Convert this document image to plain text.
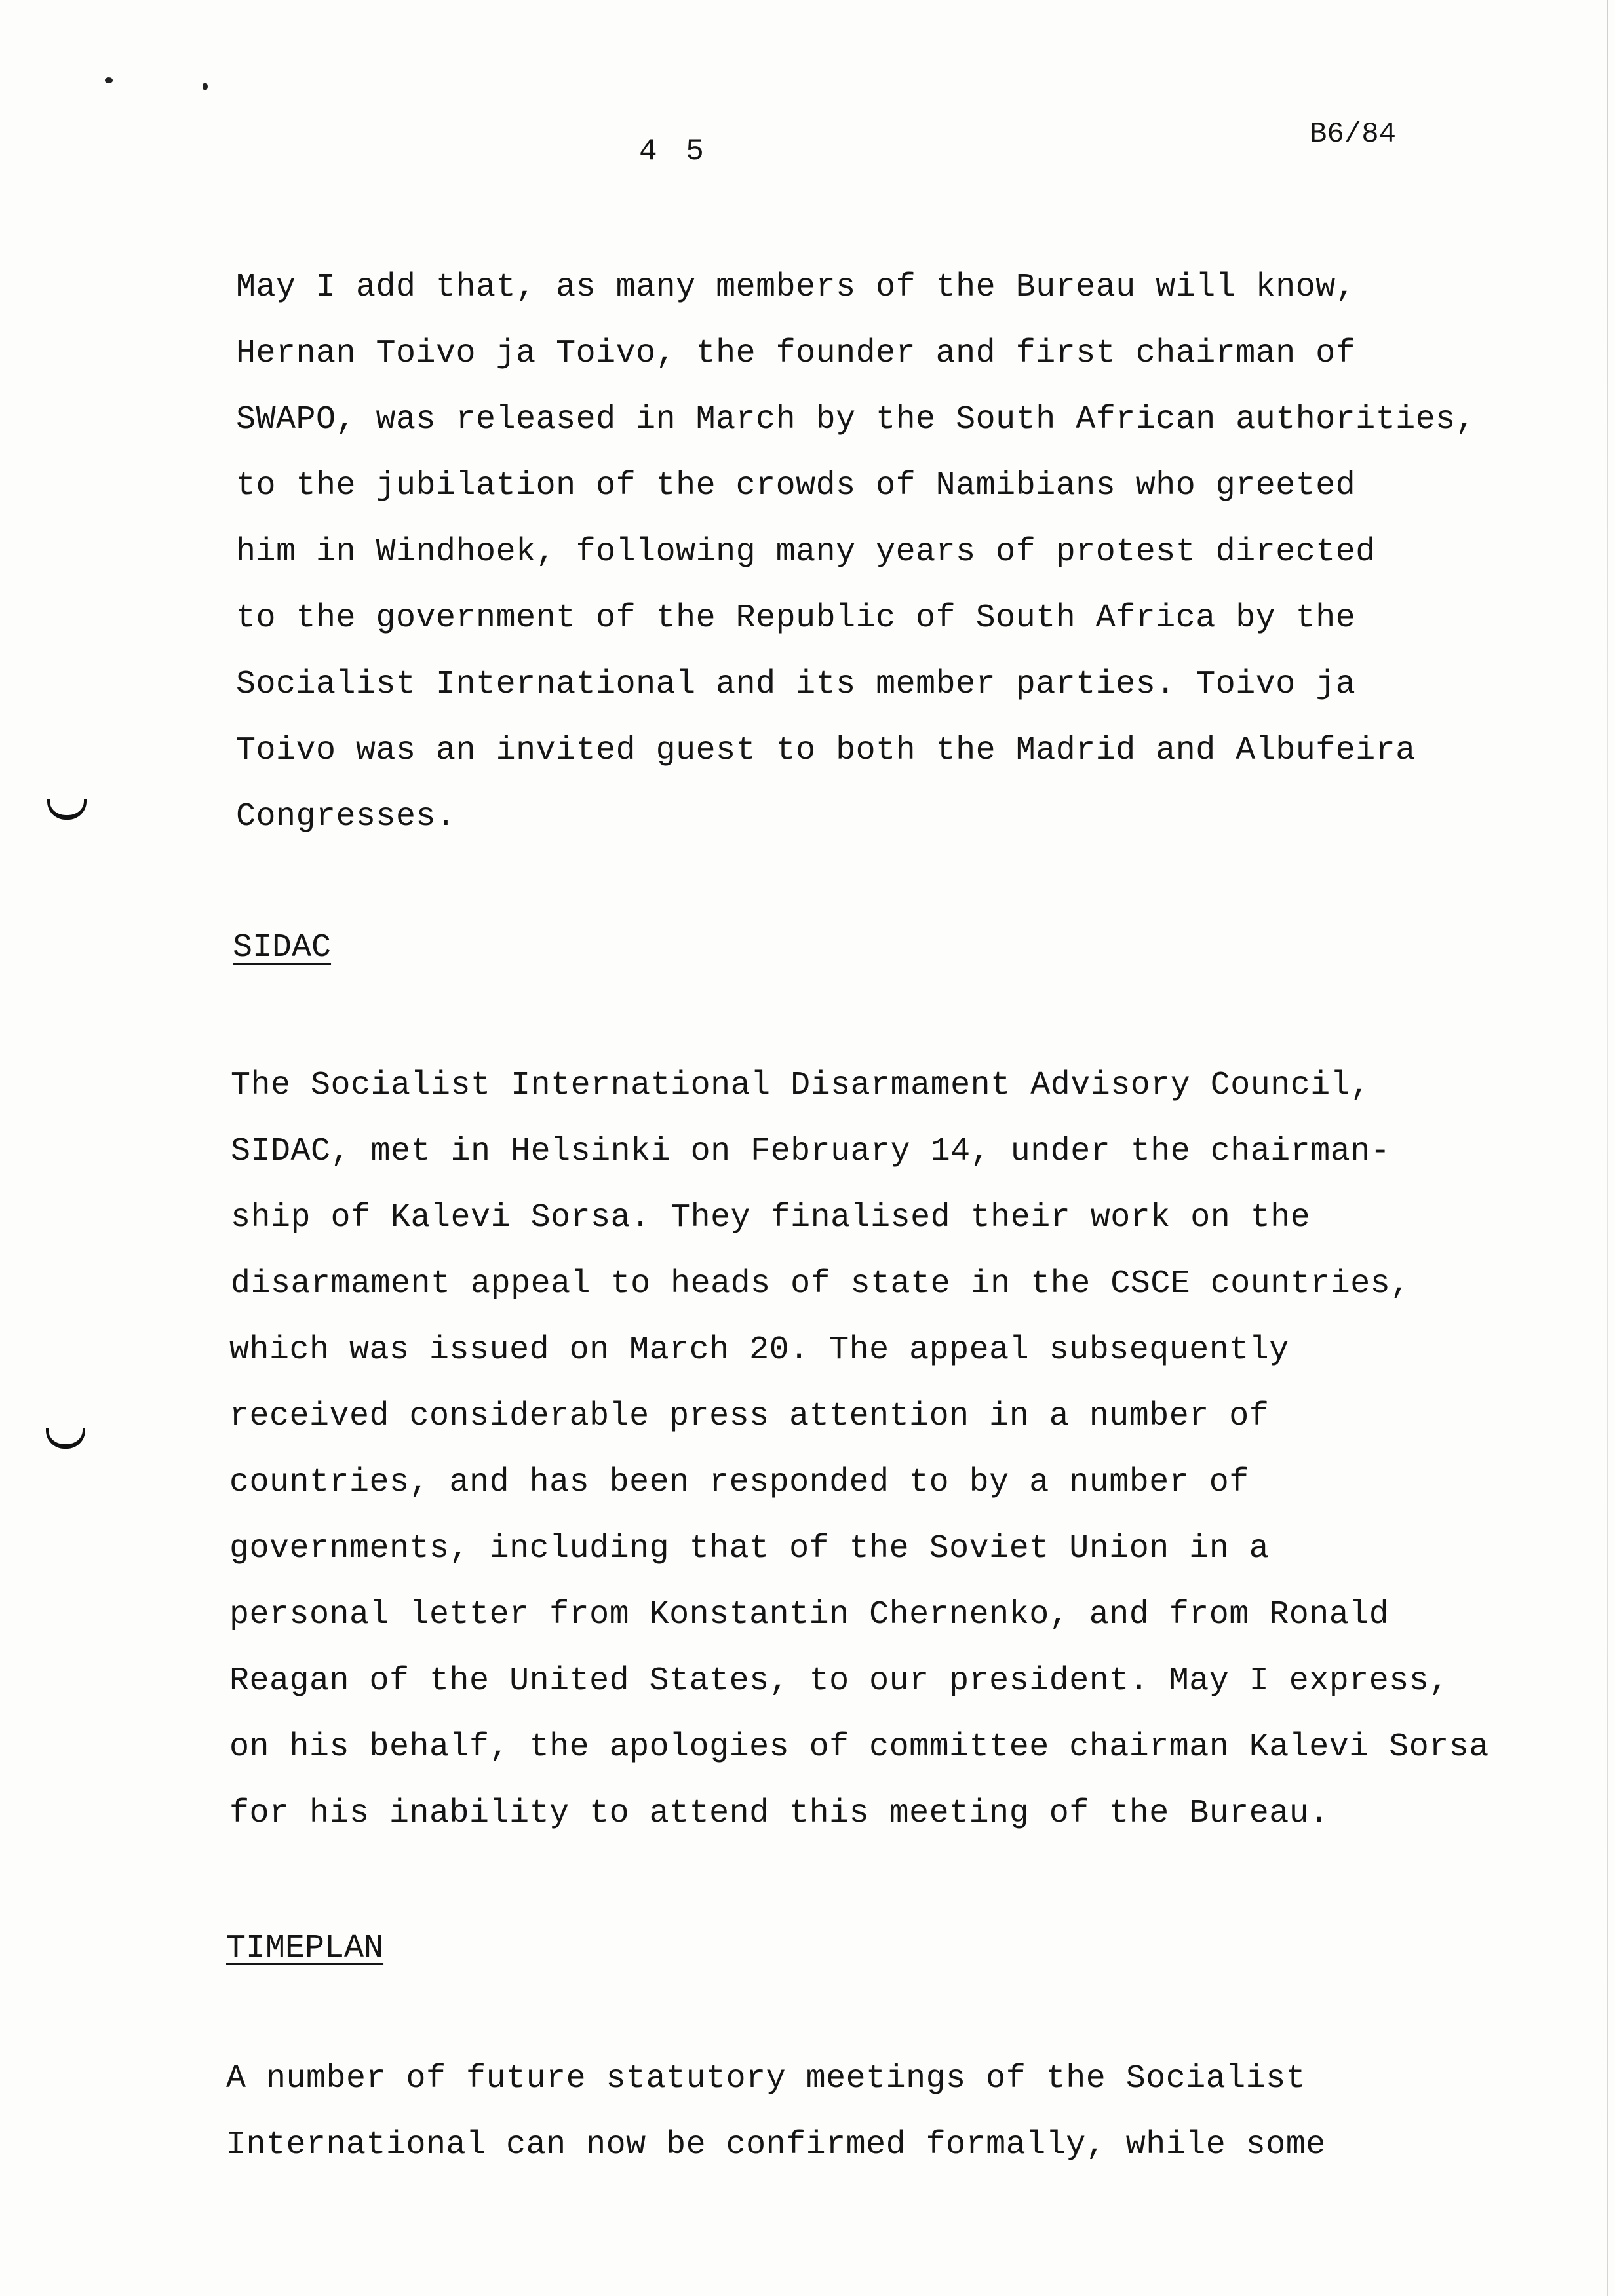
4 5	B6/84
May I add that, as many members of the Bureau will know,
Hernan Toivo ja Toivo, the founder and first chairman of
SWAPO, was released in March by the South African authorities,
to the jubilation of the crowds of Namibians who greeted
him in Windhoek, following many years of protest directed
to the government of the Republic of South Africa by the
Socialist International and its member parties. Toivo ja
Toivo was an invited guest to both the Madrid and Albufeira
Congresses.
SIDAC
The Socialist International Disarmament Advisory Council,
SIDAC, met in Helsinki on February 14, under the chairman-
ship of Kalevi Sorsa. They finalised their work on the
disarmament appeal to heads of state in the CSCE countries,
which was issued on March 20. The appeal subsequently
received considerable press attention in a number of
countries, and has been responded to by a number of
governments, including that of the Soviet Union in a
personal letter from Konstantin Chernenko, and from Ronald
Reagan of the United States, to our president. May I express,
on his behalf, the apologies of committee chairman Kalevi Sorsa
for his inability to attend this meeting of the Bureau.
TIMEPLAN
A number of future statutory meetings of the Socialist
International can now be confirmed formally, while some
